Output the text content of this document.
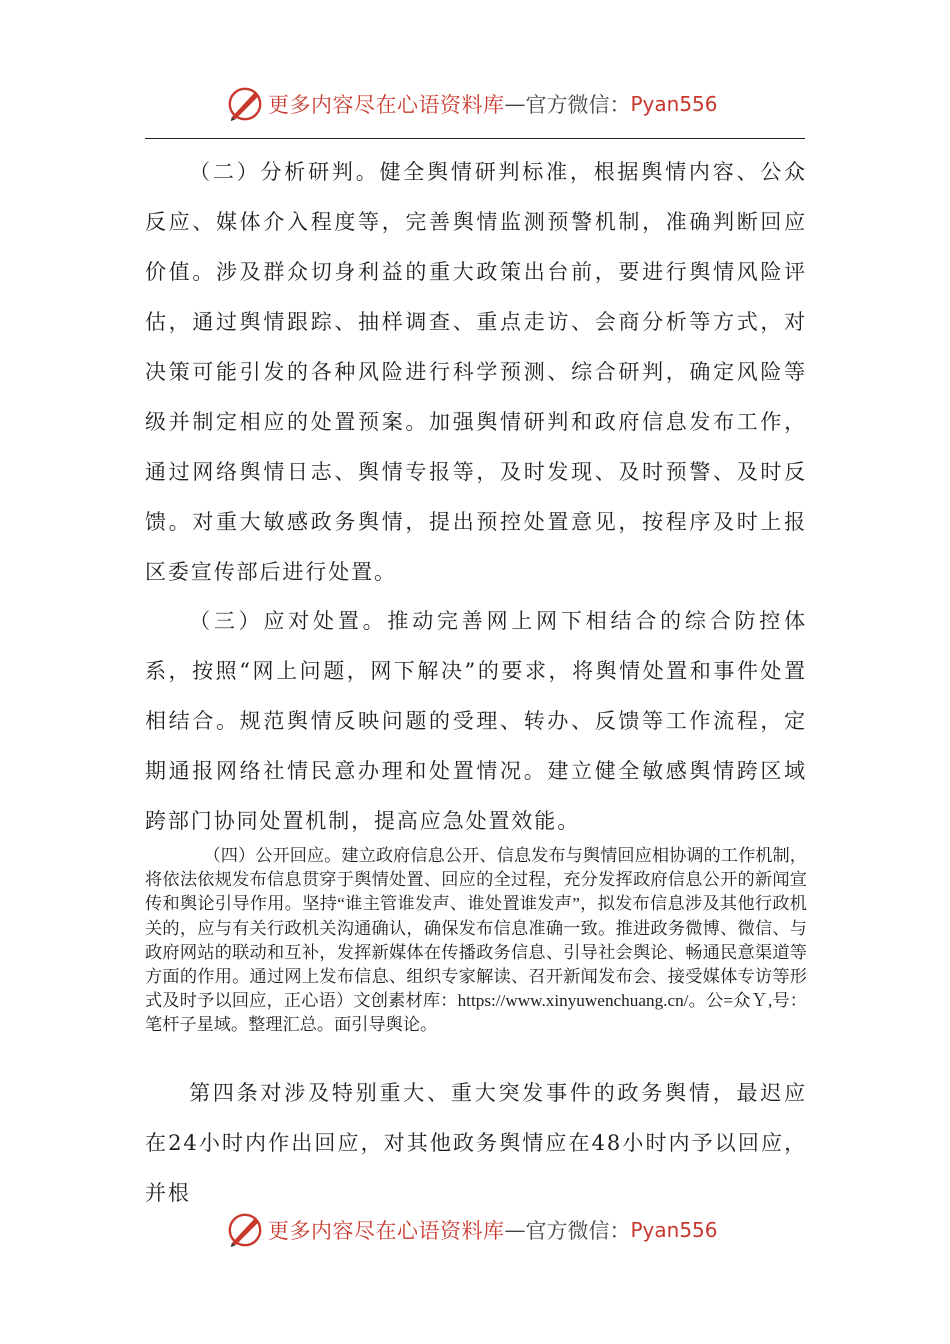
更多内容尽在心语资料库 — 官方微信： Pyan556

（二）分析研判。健全舆情研判标准，根据舆情内容、公众反应、媒体介入程度等，完善舆情监测预警机制，准确判断回应价值。涉及群众切身利益的重大政策出台前，要进行舆情风险评估，通过舆情跟踪、抽样调查、重点走访、会商分析等方式，对决策可能引发的各种风险进行科学预测、综合研判，确定风险等级并制定相应的处置预案。加强舆情研判和政府信息发布工作，通过网络舆情日志、舆情专报等，及时发现、及时预警、及时反馈。对重大敏感政务舆情，提出预控处置意见，按程序及时上报区委宣传部后进行处置。

（三）应对处置。推动完善网上网下相结合的综合防控体系，按照“网上问题，网下解决”的要求，将舆情处置和事件处置相结合。规范舆情反映问题的受理、转办、反馈等工作流程，定期通报网络社情民意办理和处置情况。建立健全敏感舆情跨区域跨部门协同处置机制，提高应急处置效能。

（四）公开回应。建立政府信息公开、信息发布与舆情回应相协调的工作机制，将依法依规发布信息贯穿于舆情处置、回应的全过程，充分发挥政府信息公开的新闻宣传和舆论引导作用。坚持“谁主管谁发声、谁处置谁发声”，拟发布信息涉及其他行政机关的，应与有关行政机关沟通确认，确保发布信息准确一致。推进政务微博、微信、与政府网站的联动和互补，发挥新媒体在传播政务信息、引导社会舆论、畅通民意渠道等方面的作用。通过网上发布信息、组织专家解读、召开新闻发布会、接受媒体专访等形式及时予以回应，正心语）文创素材库：https://www.xinyuwenchuang.cn/。公=众Ｙ,号：笔杆子星域。整理汇总。面引导舆论。

第四条对涉及特别重大、重大突发事件的政务舆情，最迟应在24小时内作出回应，对其他政务舆情应在48小时内予以回应，并根

更多内容尽在心语资料库 — 官方微信： Pyan556
